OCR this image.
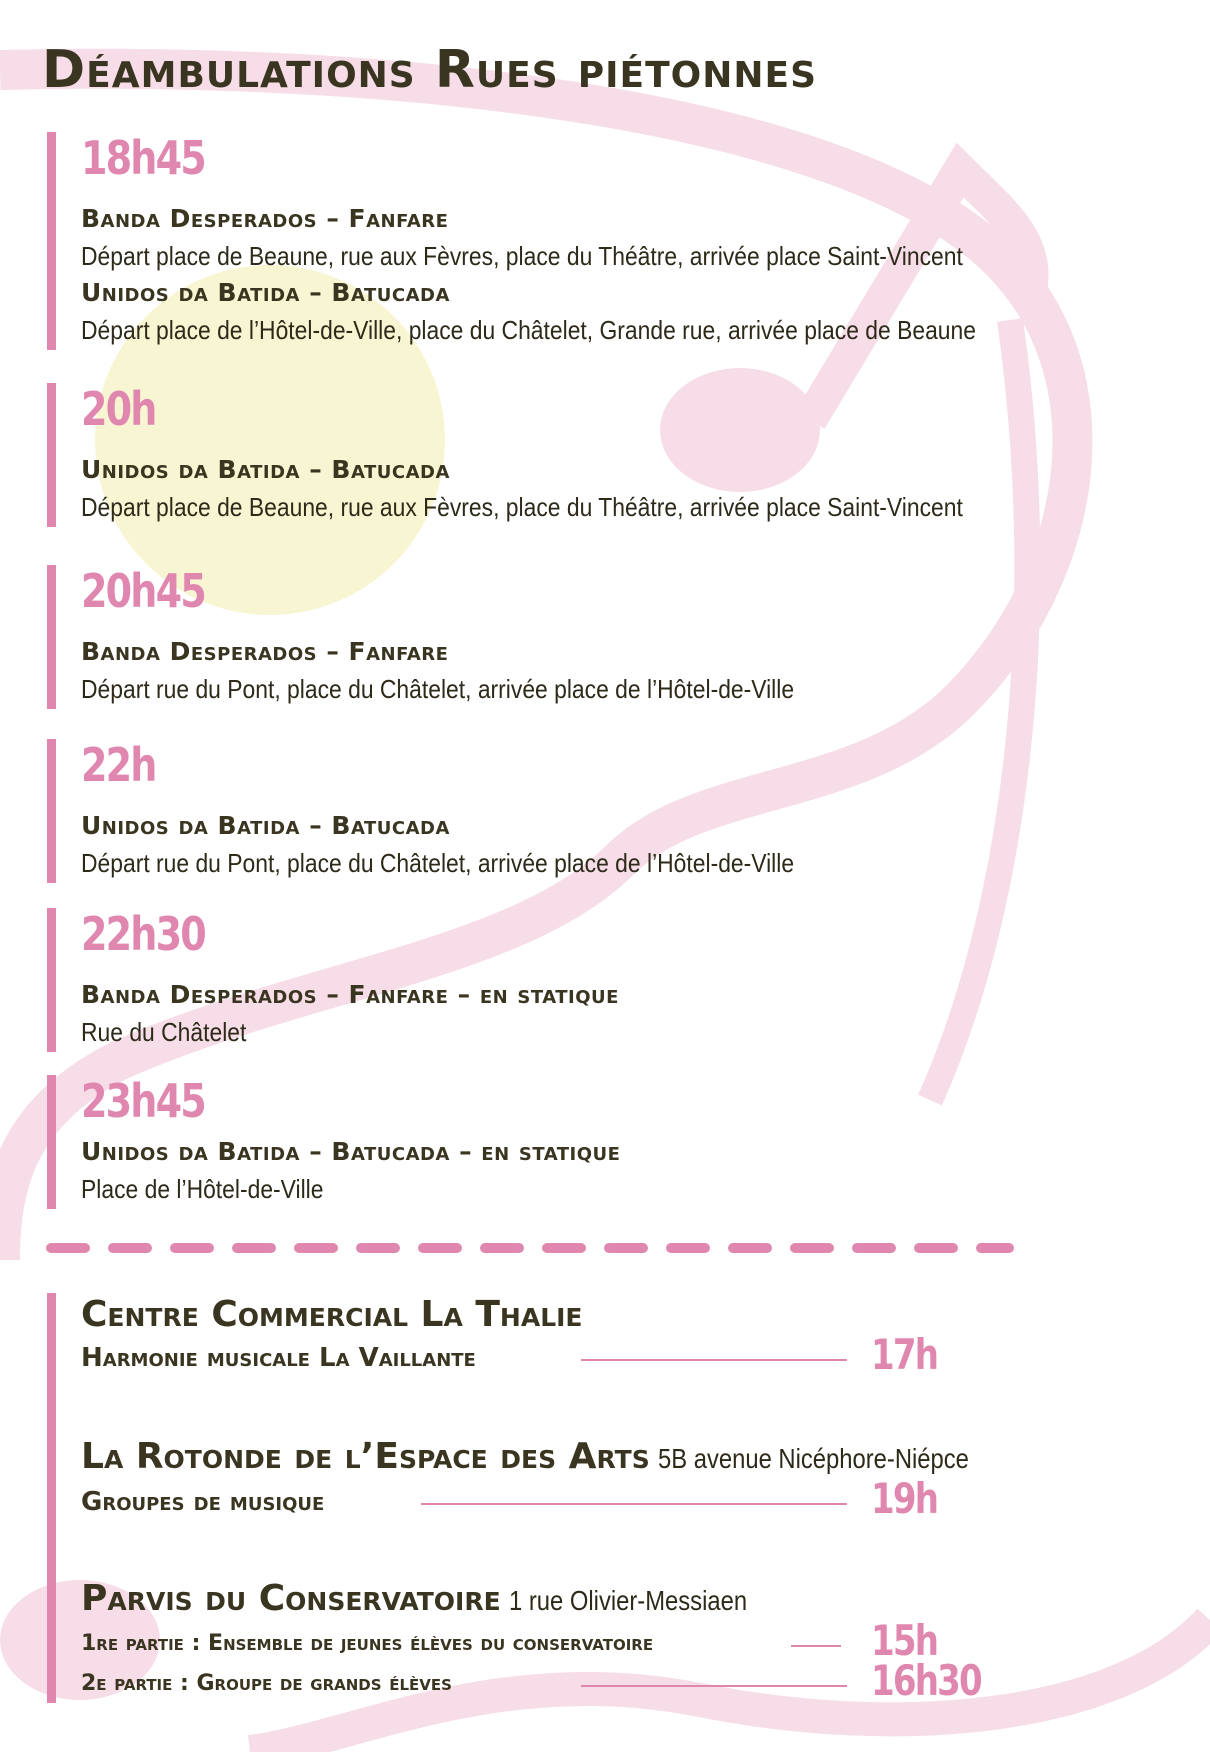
Déambulations Rues piétonnes
18h45
Banda Desperados – Fanfare
Départ place de Beaune, rue aux Fèvres, place du Théâtre, arrivée place Saint-Vincent
Unidos da Batida – Batucada
Départ place de l’Hôtel-de-Ville, place du Châtelet, Grande rue, arrivée place de Beaune
20h
Unidos da Batida – Batucada
Départ place de Beaune, rue aux Fèvres, place du Théâtre, arrivée place Saint-Vincent
20h45
Banda Desperados – Fanfare
Départ rue du Pont, place du Châtelet, arrivée place de l’Hôtel-de-Ville
22h
Unidos da Batida – Batucada
Départ rue du Pont, place du Châtelet, arrivée place de l’Hôtel-de-Ville
22h30
Banda Desperados – Fanfare – en statique
Rue du Châtelet
23h45
Unidos da Batida – Batucada – en statique
Place de l’Hôtel-de-Ville
Centre Commercial La Thalie
Harmonie musicale La Vaillante	17h
La Rotonde de l’Espace des Arts 5B avenue Nicéphore-Niépce
Groupes de musique	19h
Parvis du Conservatoire 1 rue Olivier-Messiaen
1re partie : Ensemble de jeunes élèves du conservatoire	15h
2e partie : Groupe de grands élèves	16h30
